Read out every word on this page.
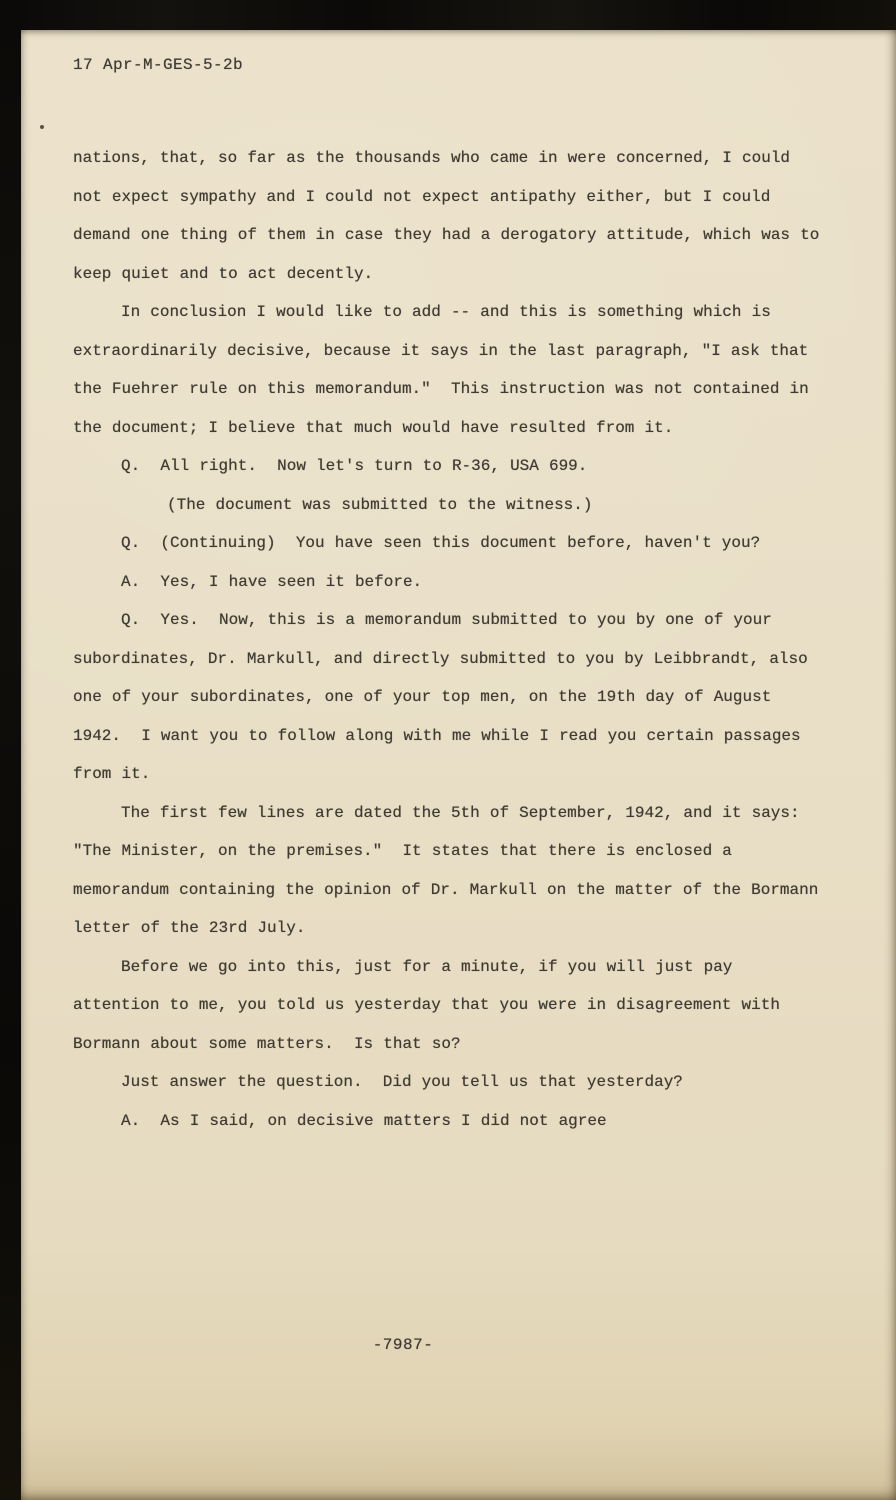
17 Apr-M-GES-5-2b

nations, that, so far as the thousands who came in were concerned, I could not expect sympathy and I could not expect antipathy either, but I could demand one thing of them in case they had a derogatory attitude, which was to keep quiet and to act decently.

In conclusion I would like to add -- and this is something which is extraordinarily decisive, because it says in the last paragraph, "I ask that the Fuehrer rule on this memorandum."  This instruction was not contained in the document; I believe that much would have resulted from it.

Q.  All right.  Now let's turn to R-36, USA 699.

(The document was submitted to the witness.)

Q.  (Continuing)  You have seen this document before, haven't you?

A.  Yes, I have seen it before.

Q.  Yes.  Now, this is a memorandum submitted to you by one of your subordinates, Dr. Markull, and directly submitted to you by Leibbrandt, also one of your subordinates, one of your top men, on the 19th day of August 1942.  I want you to follow along with me while I read you certain passages from it.

The first few lines are dated the 5th of September, 1942, and it says: "The Minister, on the premises."  It states that there is enclosed a memorandum containing the opinion of Dr. Markull on the matter of the Bormann letter of the 23rd July.

Before we go into this, just for a minute, if you will just pay attention to me, you told us yesterday that you were in disagreement with Bormann about some matters.  Is that so?

Just answer the question.  Did you tell us that yesterday?

A.  As I said, on decisive matters I did not agree

-7987-
